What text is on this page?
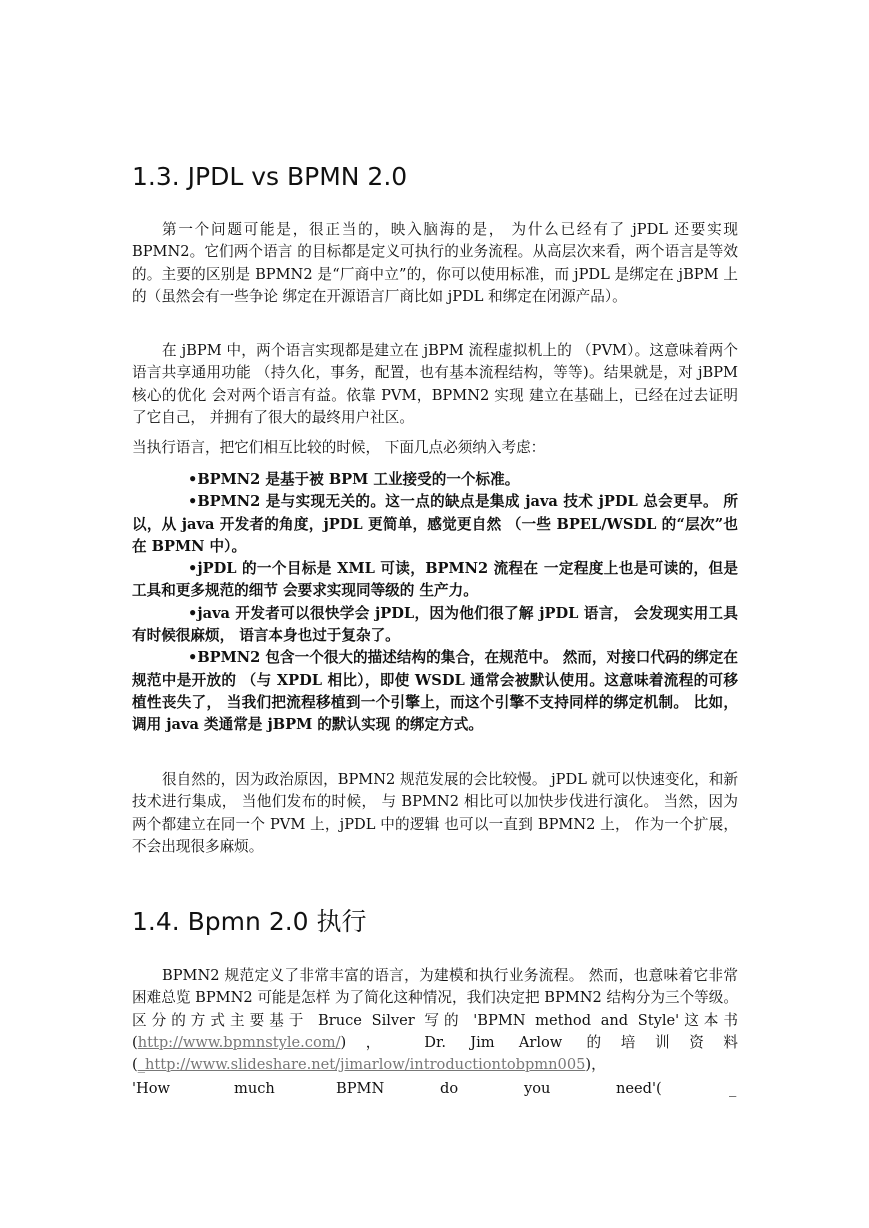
1.3. JPDL vs BPMN 2.0
第一个问题可能是，很正当的，映入脑海的是， 为什么已经有了 jPDL 还要实现 BPMN2。它们两个语言 的目标都是定义可执行的业务流程。从高层次来看，两个语言是等效的。主要的区别是 BPMN2 是“厂商中立”的，你可以使用标准，而 jPDL 是绑定在 jBPM 上的（虽然会有一些争论 绑定在开源语言厂商比如 jPDL 和绑定在闭源产品）。
在 jBPM 中，两个语言实现都是建立在 jBPM 流程虚拟机上的 （PVM）。这意味着两个语言共享通用功能 （持久化，事务，配置，也有基本流程结构，等等)。结果就是，对 jBPM 核心的优化 会对两个语言有益。依靠 PVM，BPMN2 实现 建立在基础上，已经在过去证明了它自己， 并拥有了很大的最终用户社区。
当执行语言，把它们相互比较的时候， 下面几点必须纳入考虑：
•BPMN2 是基于被 BPM 工业接受的一个标准。
•BPMN2 是与实现无关的。这一点的缺点是集成 java 技术 jPDL 总会更早。 所以，从 java 开发者的角度，jPDL 更简单，感觉更自然 （一些 BPEL/WSDL 的“层次”也在 BPMN 中）。
•jPDL 的一个目标是 XML 可读，BPMN2 流程在 一定程度上也是可读的，但是工具和更多规范的细节 会要求实现同等级的 生产力。
•java 开发者可以很快学会 jPDL，因为他们很了解 jPDL 语言， 会发现实用工具有时候很麻烦， 语言本身也过于复杂了。
•BPMN2 包含一个很大的描述结构的集合，在规范中。 然而，对接口代码的绑定在规范中是开放的 （与 XPDL 相比），即使 WSDL 通常会被默认使用。这意味着流程的可移植性丧失了， 当我们把流程移植到一个引擎上，而这个引擎不支持同样的绑定机制。 比如，调用 java 类通常是 jBPM 的默认实现 的绑定方式。
很自然的，因为政治原因，BPMN2 规范发展的会比较慢。 jPDL 就可以快速变化，和新技术进行集成， 当他们发布的时候， 与 BPMN2 相比可以加快步伐进行演化。 当然，因为两个都建立在同一个 PVM 上，jPDL 中的逻辑 也可以一直到 BPMN2 上， 作为一个扩展，不会出现很多麻烦。
1.4. Bpmn 2.0 执行
BPMN2 规范定义了非常丰富的语言，为建模和执行业务流程。 然而，也意味着它非常困难总览 BPMN2 可能是怎样 为了简化这种情况，我们决定把 BPMN2 结构分为三个等级。 区分的方式主要基于 Bruce Silver 写的 'BPMN method and Style'这本书(http://www.bpmnstyle.com/)， Dr. Jim Arlow 的培训资料(_http://www.slideshare.net/jimarlow/introductiontobpmn005)，
'How	much	BPMN	do	you	need'(	_
